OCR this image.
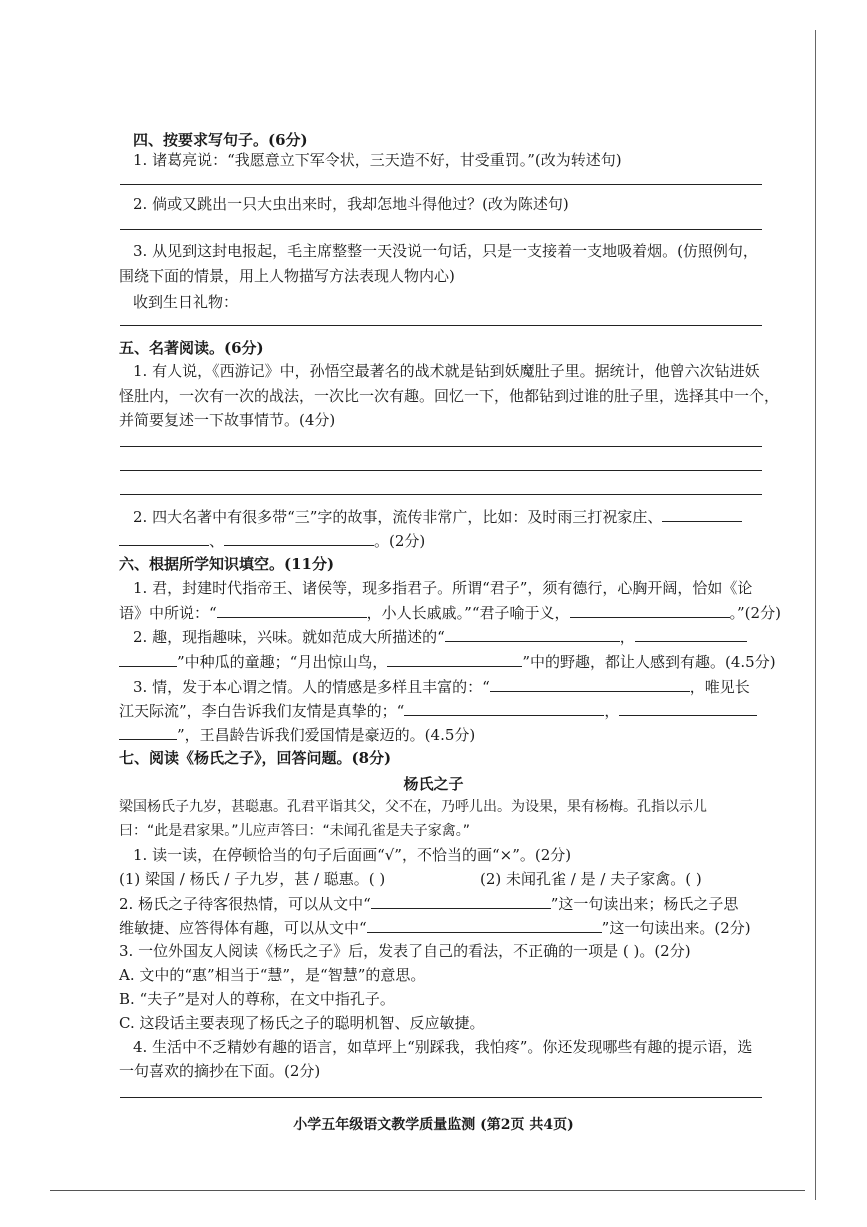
四、按要求写句子。(6分)
1. 诸葛亮说：“我愿意立下军令状，三天造不好，甘受重罚。”(改为转述句)
2. 倘或又跳出一只大虫出来时，我却怎地斗得他过？(改为陈述句)
3. 从见到这封电报起，毛主席整整一天没说一句话，只是一支接着一支地吸着烟。(仿照例句，
围绕下面的情景，用上人物描写方法表现人物内心)
收到生日礼物：
五、名著阅读。(6分)
1. 有人说，《西游记》中，孙悟空最著名的战术就是钻到妖魔肚子里。据统计，他曾六次钻进妖
怪肚内，一次有一次的战法，一次比一次有趣。回忆一下，他都钻到过谁的肚子里，选择其中一个，
并简要复述一下故事情节。(4分)
2. 四大名著中有很多带“三”字的故事，流传非常广，比如：及时雨三打祝家庄、
、	。(2分)
六、根据所学知识填空。(11分)
1. 君，封建时代指帝王、诸侯等，现多指君子。所谓“君子”，须有德行，心胸开阔，恰如《论
语》中所说：“	，小人长戚戚。”“君子喻于义，	。”(2分)
2. 趣，现指趣味，兴味。就如范成大所描述的“	，
”中种瓜的童趣；“月出惊山鸟，	”中的野趣，都让人感到有趣。(4.5分)
3. 情，发于本心谓之情。人的情感是多样且丰富的：“	，唯见长
江天际流”，李白告诉我们友情是真挚的；“	，
”，王昌龄告诉我们爱国情是豪迈的。(4.5分)
七、阅读《杨氏之子》，回答问题。(8分)
杨氏之子
梁国杨氏子九岁，甚聪惠。孔君平诣其父，父不在，乃呼儿出。为设果，果有杨梅。孔指以示儿
曰：“此是君家果。”儿应声答曰：“未闻孔雀是夫子家禽。”
1. 读一读，在停顿恰当的句子后面画“√”，不恰当的画“×”。(2分)
(1) 梁国 / 杨氏 / 子九岁，甚 / 聪惠。( )	(2) 未闻孔雀 / 是 / 夫子家禽。( )
2. 杨氏之子待客很热情，可以从文中“	”这一句读出来；杨氏之子思
维敏捷、应答得体有趣，可以从文中“	”这一句读出来。(2分)
3. 一位外国友人阅读《杨氏之子》后，发表了自己的看法，不正确的一项是 ( )。(2分)
A. 文中的“惠”相当于“慧”，是“智慧”的意思。
B. “夫子”是对人的尊称，在文中指孔子。
C. 这段话主要表现了杨氏之子的聪明机智、反应敏捷。
4. 生活中不乏精妙有趣的语言，如草坪上“别踩我，我怕疼”。你还发现哪些有趣的提示语，选
一句喜欢的摘抄在下面。(2分)
小学五年级语文教学质量监测 (第2页 共4页)
